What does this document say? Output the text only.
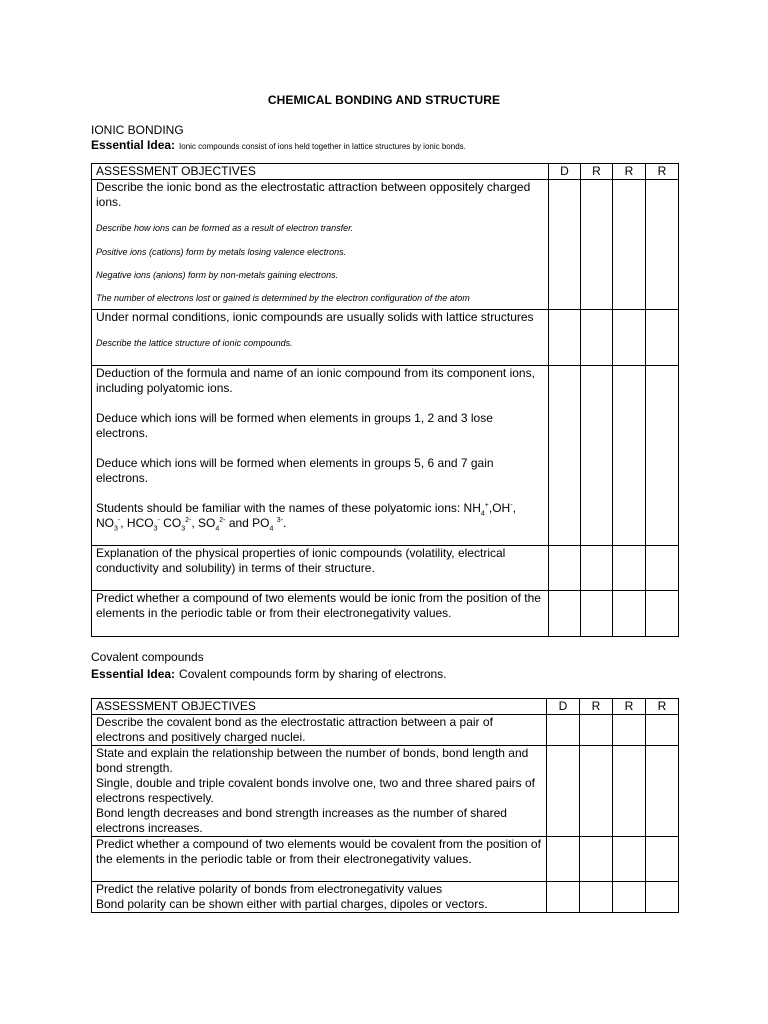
CHEMICAL BONDING AND STRUCTURE
IONIC BONDING
Essential Idea: Ionic compounds consist of ions held together in lattice structures by ionic bonds.
ASSESSMENT OBJECTIVES	D	R	R	R

Describe the ionic bond as the electrostatic attraction between oppositely charged ions.
Describe how ions can be formed as a result of electron transfer.
Positive ions (cations) form by metals losing valence electrons.
Negative ions (anions) form by non-metals gaining electrons.
The number of electrons lost or gained is determined by the electron configuration of the atom				

Under normal conditions, ionic compounds are usually solids with lattice structures
Describe the lattice structure of ionic compounds.				

Deduction of the formula and name of an ionic compound from its component ions, including polyatomic ions.
Deduce which ions will be formed when elements in groups 1, 2 and 3 lose electrons.
Deduce which ions will be formed when elements in groups 5, 6 and 7 gain electrons.
Students should be familiar with the names of these polyatomic ions: $NH_4^+,OH^-$,
$NO_3^-$, $HCO_3^-$ $CO_3^{2-}$, $SO_4^{2-}$ and $PO_4$ $^{3-}$.				

Explanation of the physical properties of ionic compounds (volatility, electrical conductivity and solubility) in terms of their structure.				

Predict whether a compound of two elements would be ionic from the position of the elements in the periodic table or from their electronegativity values.				

Covalent compounds
Essential Idea: Covalent compounds form by sharing of electrons.
ASSESSMENT OBJECTIVES	D	R	R	R

Describe the covalent bond as the electrostatic attraction between a pair of electrons and positively charged nuclei.				

State and explain the relationship between the number of bonds, bond length and bond strength.
Single, double and triple covalent bonds involve one, two and three shared pairs of electrons respectively.
Bond length decreases and bond strength increases as the number of shared electrons increases.				

Predict whether a compound of two elements would be covalent from the position of the elements in the periodic table or from their electronegativity values.				

Predict the relative polarity of bonds from electronegativity values
Bond polarity can be shown either with partial charges, dipoles or vectors.				
